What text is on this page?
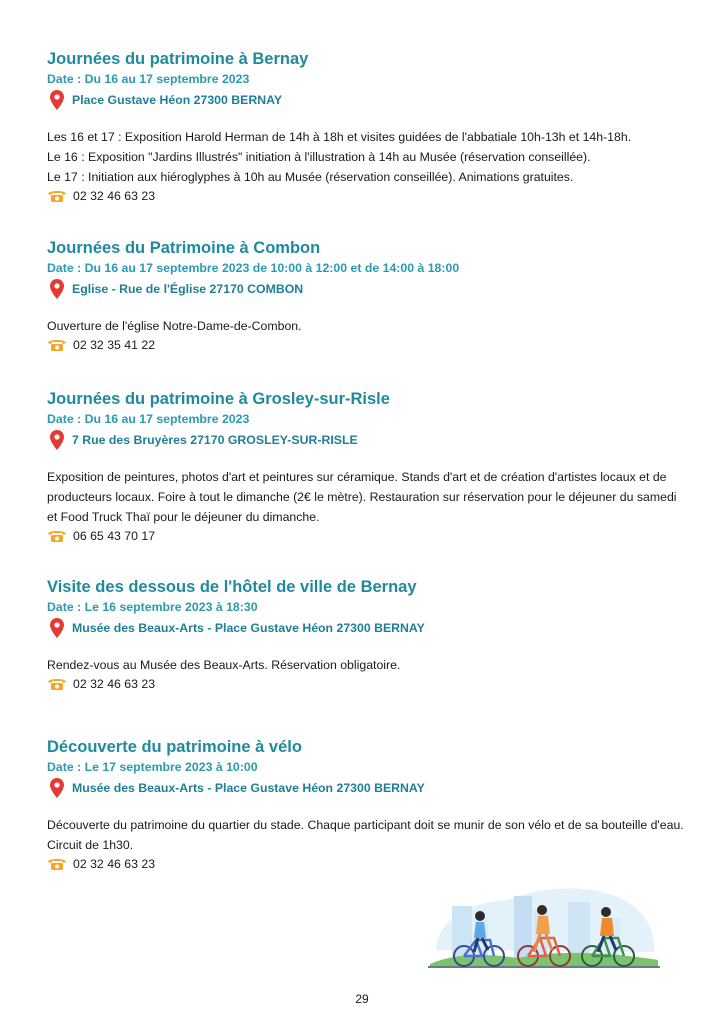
Journées du patrimoine à Bernay
Date : Du 16 au 17 septembre 2023
Place Gustave Héon 27300 BERNAY

Les 16 et 17 : Exposition Harold Herman de 14h à 18h et visites guidées de l'abbatiale 10h-13h et 14h-18h.

Le 16 : Exposition "Jardins Illustrés" initiation à l'illustration à 14h au Musée (réservation conseillée).

Le 17 : Initiation aux hiéroglyphes à 10h au Musée (réservation conseillée). Animations gratuites.

02 32 46 63 23
Journées du Patrimoine à Combon
Date : Du 16 au 17 septembre 2023 de 10:00 à 12:00 et de 14:00 à 18:00
Eglise - Rue de l'Église 27170 COMBON

Ouverture de l'église Notre-Dame-de-Combon.

02 32 35 41 22
Journées du patrimoine à Grosley-sur-Risle
Date : Du 16 au 17 septembre 2023
7 Rue des Bruyères 27170 GROSLEY-SUR-RISLE

Exposition de peintures, photos d'art et peintures sur céramique. Stands d'art et de création d'artistes locaux et de producteurs locaux. Foire à tout le dimanche (2€ le mètre). Restauration sur réservation pour le déjeuner du samedi et Food Truck Thaï pour le déjeuner du dimanche.

06 65 43 70 17
Visite des dessous de l'hôtel de ville de Bernay
Date : Le 16 septembre 2023 à 18:30
Musée des Beaux-Arts - Place Gustave Héon 27300 BERNAY

Rendez-vous au Musée des Beaux-Arts. Réservation obligatoire.

02 32 46 63 23
Découverte du patrimoine à vélo
Date : Le 17 septembre 2023 à 10:00
Musée des Beaux-Arts - Place Gustave Héon 27300 BERNAY

Découverte du patrimoine du quartier du stade. Chaque participant doit se munir de son vélo et de sa bouteille d'eau. Circuit de 1h30.

02 32 46 63 23
29
